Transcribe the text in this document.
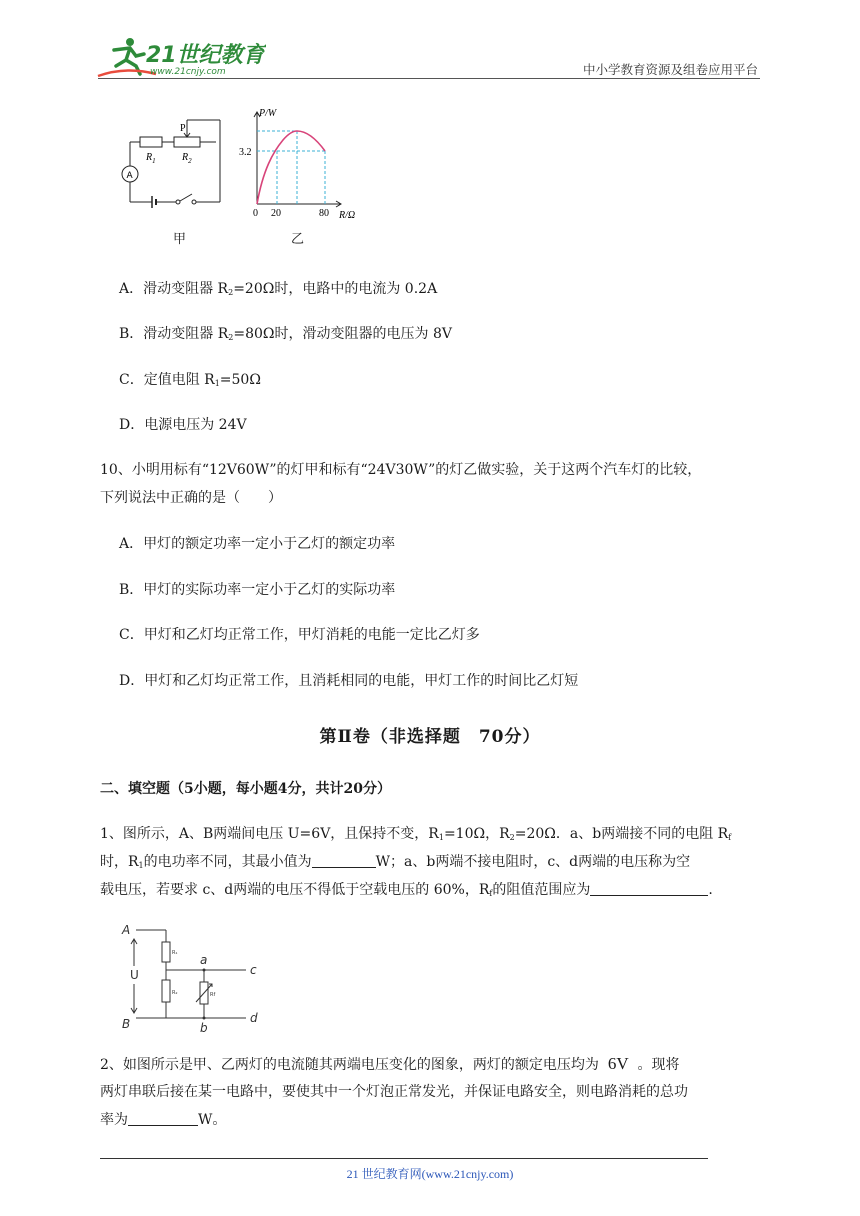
21世纪教育
www.21cnjy.com	中小学教育资源及组卷应用平台
A
P
$R_1$	$R_2$
甲
P/W
3.2
0 20	80 R/Ω
乙
A．滑动变阻器 $R_2=20\Omega$时，电路中的电流为 0.2A
B．滑动变阻器 $R_2=80\Omega$时，滑动变阻器的电压为 8V
C．定值电阻 $R_1=50\Omega$
D．电源电压为 24V
10、小明用标有“12V60W”的灯甲和标有“24V30W”的灯乙做实验，关于这两个汽车灯的比较，
下列说法中正确的是（　　）
A．甲灯的额定功率一定小于乙灯的额定功率
B．甲灯的实际功率一定小于乙灯的实际功率
C．甲灯和乙灯均正常工作，甲灯消耗的电能一定比乙灯多
D．甲灯和乙灯均正常工作，且消耗相同的电能，甲灯工作的时间比乙灯短
第Ⅱ卷（非选择题　70分）
二、填空题（5小题，每小题4分，共计20分）
1、图所示，A、B两端间电压 U=6V，且保持不变，$R_1=10\Omega$，$R_2=20\Omega$．a、b两端接不同的电阻 $R_f$
时，$R_1$的电功率不同，其最小值为	W；a、b两端不接电阻时，c、d两端的电压称为空
载电压，若要求 c、d两端的电压不得低于空载电压的 60%，$R_f$的阻值范围应为	.
A
B
U
a
b
c
d
R₁
R₂	Rf
2、如图所示是甲、乙两灯的电流随其两端电压变化的图象，两灯的额定电压均为 6V 。现将
两灯串联后接在某一电路中，要使其中一个灯泡正常发光，并保证电路安全，则电路消耗的总功
率为	W。
21 世纪教育网(www.21cnjy.com)
